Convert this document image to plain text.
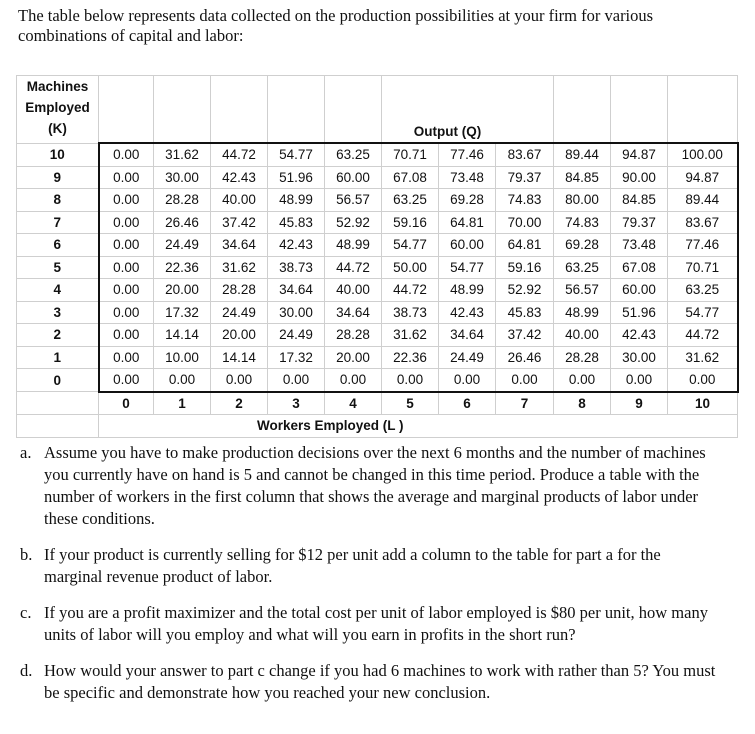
The table below represents data collected on the production possibilities at your firm for various combinations of capital and labor:
Machines
Employed
(K)						Output (Q)					
10	0.00	31.62	44.72	54.77	63.25	70.71	77.46	83.67	89.44	94.87	100.00
9	0.00	30.00	42.43	51.96	60.00	67.08	73.48	79.37	84.85	90.00	94.87
8	0.00	28.28	40.00	48.99	56.57	63.25	69.28	74.83	80.00	84.85	89.44
7	0.00	26.46	37.42	45.83	52.92	59.16	64.81	70.00	74.83	79.37	83.67
6	0.00	24.49	34.64	42.43	48.99	54.77	60.00	64.81	69.28	73.48	77.46
5	0.00	22.36	31.62	38.73	44.72	50.00	54.77	59.16	63.25	67.08	70.71
4	0.00	20.00	28.28	34.64	40.00	44.72	48.99	52.92	56.57	60.00	63.25
3	0.00	17.32	24.49	30.00	34.64	38.73	42.43	45.83	48.99	51.96	54.77
2	0.00	14.14	20.00	24.49	28.28	31.62	34.64	37.42	40.00	42.43	44.72
1	0.00	10.00	14.14	17.32	20.00	22.36	24.49	26.46	28.28	30.00	31.62
0	0.00	0.00	0.00	0.00	0.00	0.00	0.00	0.00	0.00	0.00	0.00
	0	1	2	3	4	5	6	7	8	9	10
	Workers Employed (L )										
a. Assume you have to make production decisions over the next 6 months and the number of machines you currently have on hand is 5 and cannot be changed in this time period. Produce a table with the number of workers in the first column that shows the average and marginal products of labor under these conditions.
b. If your product is currently selling for $12 per unit add a column to the table for part a for the marginal revenue product of labor.
c. If you are a profit maximizer and the total cost per unit of labor employed is $80 per unit, how many units of labor will you employ and what will you earn in profits in the short run?
d. How would your answer to part c change if you had 6 machines to work with rather than 5? You must be specific and demonstrate how you reached your new conclusion.
